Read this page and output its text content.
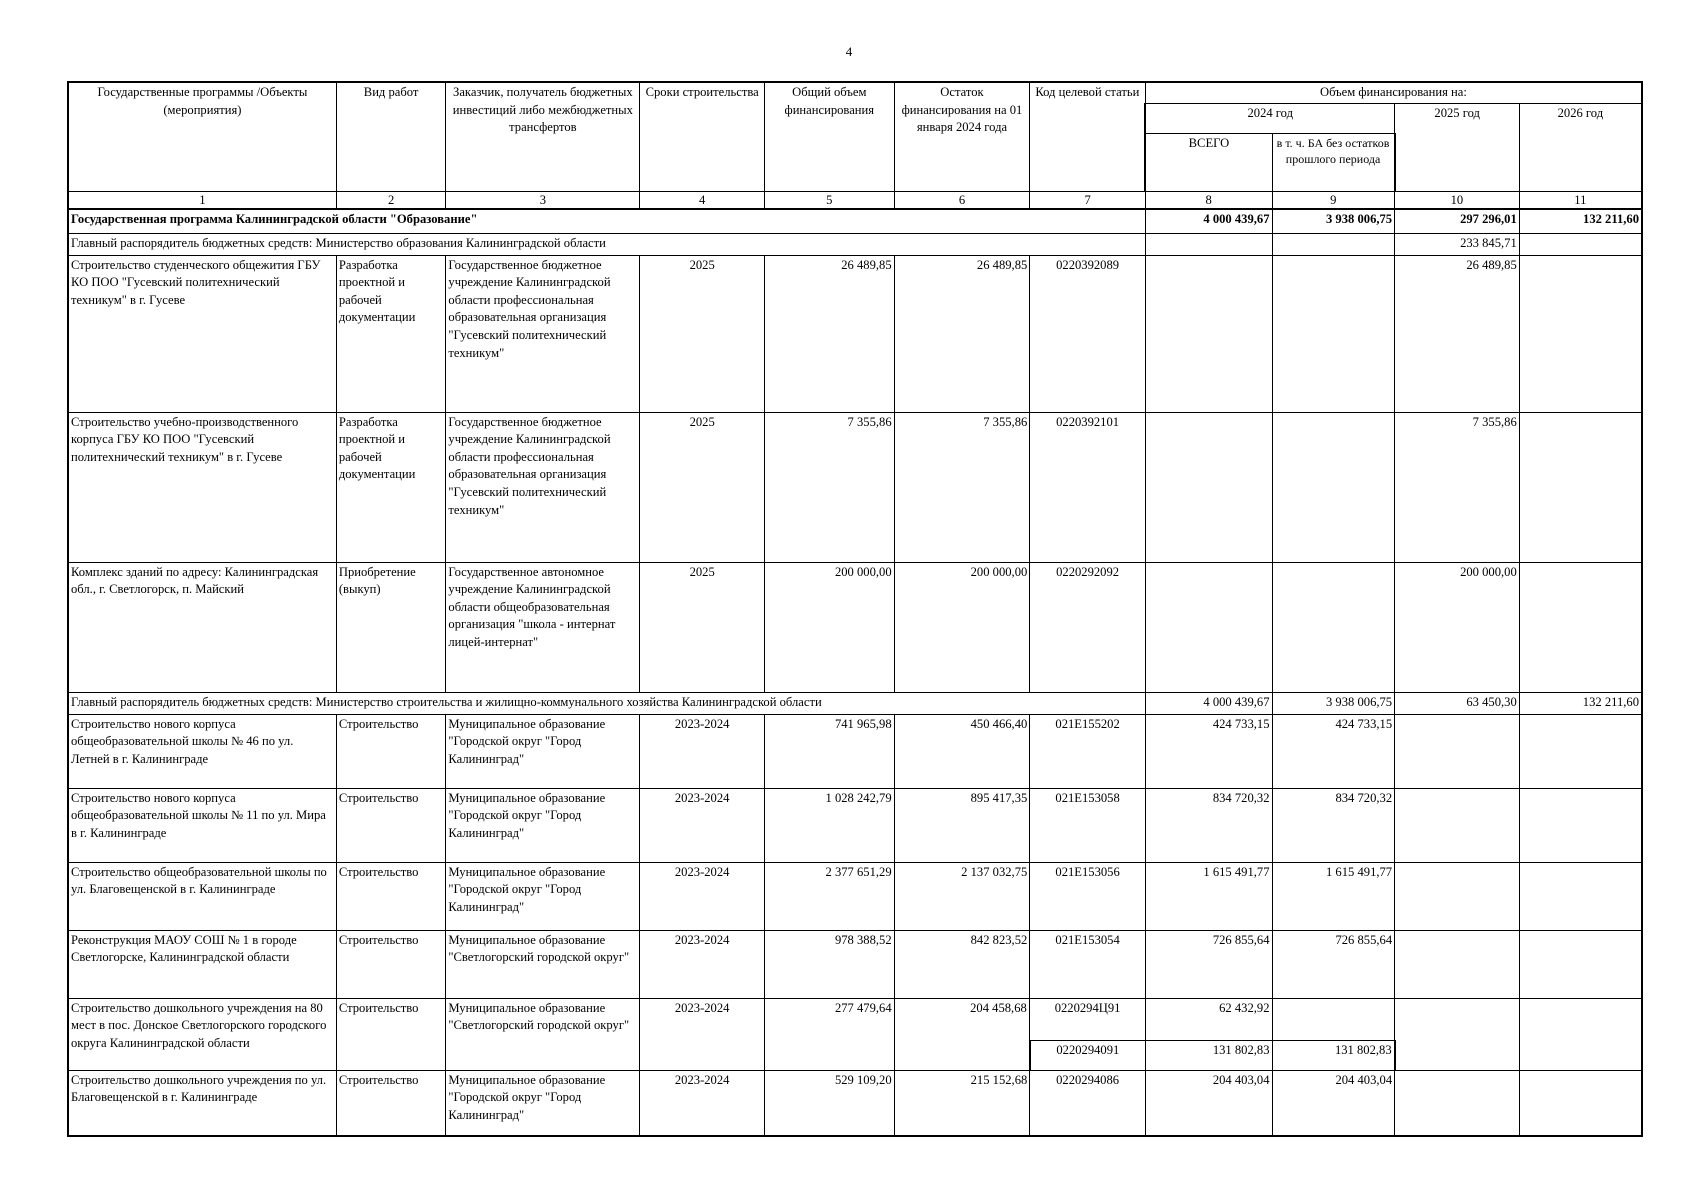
4
Государственные программы /Объекты (мероприятия)	Вид работ	Заказчик, получатель бюджетных инвестиций либо межбюджетных трансфертов	Сроки строительства	Общий объем финансирования	Остаток финансирования на 01 января 2024 года	Код целевой статьи	Объем финансирования на:			
							2024 год		2025 год	2026 год
							ВСЕГО	в т. ч. БА без остатков прошлого периода		
1	2	3	4	5	6	7	8	9	10	11
Государственная программа Калининградской области "Образование"							4 000 439,67	3 938 006,75	297 296,01	132 211,60
Главный распорядитель бюджетных средств: Министерство образования Калининградской области									233 845,71	
Строительство студенческого общежития ГБУ КО ПОО "Гусевский политехнический техникум" в г. Гусеве	Разработка проектной и рабочей документации	Государственное бюджетное учреждение Калининградской области профессиональная образовательная организация "Гусевский политехнический техникум"	2025	26 489,85	26 489,85	0220392089			26 489,85	
Строительство учебно-производственного корпуса ГБУ КО ПОО "Гусевский политехнический техникум" в г. Гусеве	Разработка проектной и рабочей документации	Государственное бюджетное учреждение Калининградской области профессиональная образовательная организация "Гусевский политехнический техникум"	2025	7 355,86	7 355,86	0220392101			7 355,86	
Комплекс зданий по адресу: Калининградская обл., г. Светлогорск, п. Майский	Приобретение (выкуп)	Государственное автономное учреждение Калининградской области общеобразовательная организация "школа - интернат лицей-интернат"	2025	200 000,00	200 000,00	0220292092			200 000,00	
Главный распорядитель бюджетных средств: Министерство строительства и жилищно-коммунального хозяйства Калининградской области							4 000 439,67	3 938 006,75	63 450,30	132 211,60
Строительство нового корпуса общеобразовательной школы № 46 по ул. Летней в г. Калининграде	Строительство	Муниципальное образование "Городской округ "Город Калининград"	2023-2024	741 965,98	450 466,40	021E155202	424 733,15	424 733,15		
Строительство нового корпуса общеобразовательной школы № 11 по ул. Мира в г. Калининграде	Строительство	Муниципальное образование "Городской округ "Город Калининград"	2023-2024	1 028 242,79	895 417,35	021E153058	834 720,32	834 720,32		
Строительство общеобразовательной школы по ул. Благовещенской в г. Калининграде	Строительство	Муниципальное образование "Городской округ "Город Калининград"	2023-2024	2 377 651,29	2 137 032,75	021E153056	1 615 491,77	1 615 491,77		
Реконструкция МАОУ СОШ № 1 в городе Светлогорске, Калининградской области	Строительство	Муниципальное образование "Светлогорский городской округ"	2023-2024	978 388,52	842 823,52	021E153054	726 855,64	726 855,64		
Строительство дошкольного учреждения на 80 мест в пос. Донское Светлогорского городского округа Калининградской области	Строительство	Муниципальное образование "Светлогорский городской округ"	2023-2024	277 479,64	204 458,68	0220294Ц91	62 432,92			
						0220294091	131 802,83	131 802,83		
Строительство дошкольного учреждения по ул. Благовещенской в г. Калининграде	Строительство	Муниципальное образование "Городской округ "Город Калининград"	2023-2024	529 109,20	215 152,68	0220294086	204 403,04	204 403,04		
